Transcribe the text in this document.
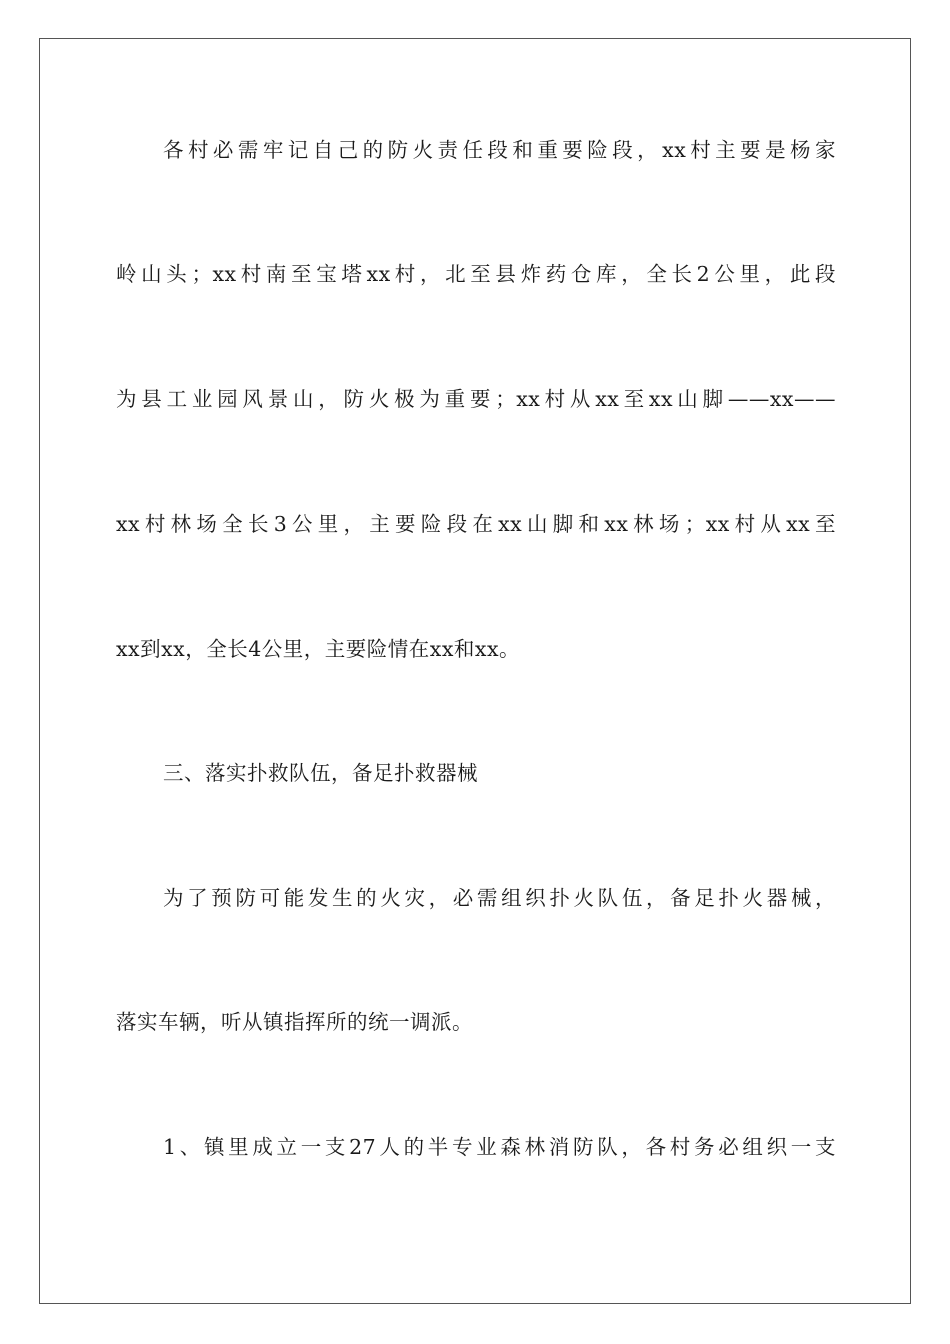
各村必需牢记自己的防火责任段和重要险段，xx村主要是杨家
岭山头；xx村南至宝塔xx村，北至县炸药仓库，全长2公里，此段
为县工业园风景山，防火极为重要；xx村从xx至xx山脚——xx——
xx村林场全长3公里，主要险段在xx山脚和xx林场；xx村从xx至
xx到xx，全长4公里，主要险情在xx和xx。
三、落实扑救队伍，备足扑救器械
为了预防可能发生的火灾，必需组织扑火队伍，备足扑火器械，
落实车辆，听从镇指挥所的统一调派。
1、镇里成立一支27人的半专业森林消防队，各村务必组织一支
